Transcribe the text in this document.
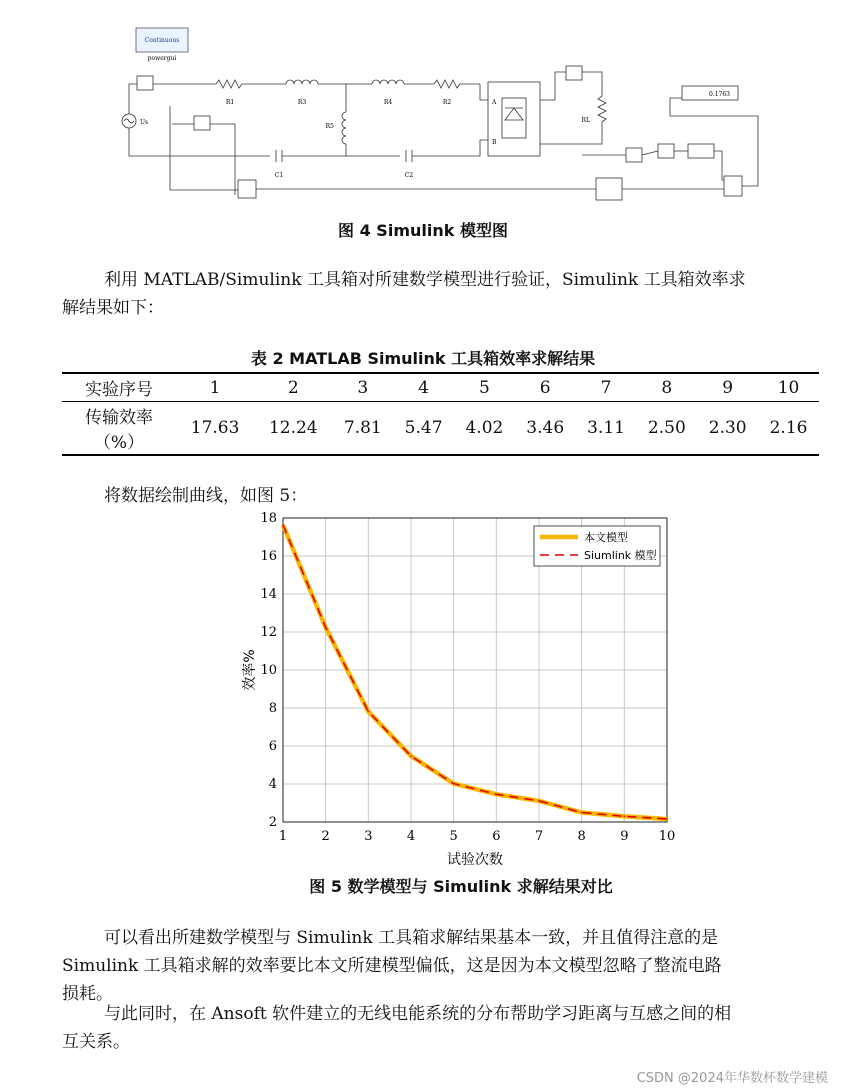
Continuous
powergui
Us
R1	R3	R4	R2
R5
C1	C2
RL
A
B
0.1763
图 4 Simulink 模型图
利用 MATLAB/Simulink 工具箱对所建数学模型进行验证，Simulink 工具箱效率求
解结果如下：
表 2 MATLAB Simulink 工具箱效率求解结果
实验序号	1	2	3	4	5	6	7	8	9	10

传输效率
（%）	17.63	12.24	7.81	5.47	4.02	3.46	3.11	2.50	2.30	2.16
将数据绘制曲线，如图 5：
1	2	3	4	5	6	7	8	9 10
2
4
6
8
10
12
14
16
18
试验次数
效率%
本文模型
Siumlink 模型
图 5 数学模型与 Simulink 求解结果对比
可以看出所建数学模型与 Simulink 工具箱求解结果基本一致，并且值得注意的是
Simulink 工具箱求解的效率要比本文所建模型偏低，这是因为本文模型忽略了整流电路
损耗。
与此同时，在 Ansoft 软件建立的无线电能系统的分布帮助学习距离与互感之间的相
互关系。
CSDN @2024年华数杯数学建模
